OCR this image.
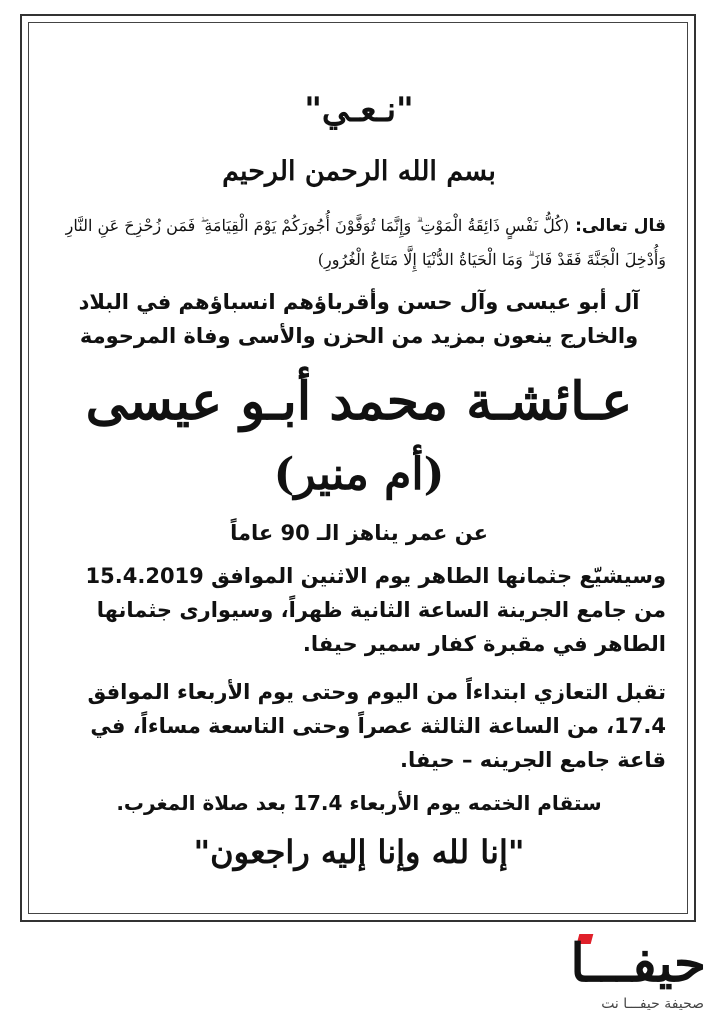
"نـعـي"
بسم الله الرحمن الرحيم
قال تعالى: (كُلُّ نَفْسٍ ذَائِقَةُ الْمَوْتِ ۗ وَإِنَّمَا تُوَفَّوْنَ أُجُورَكُمْ يَوْمَ الْقِيَامَةِ ۖ فَمَن زُحْزِحَ عَنِ النَّارِ وَأُدْخِلَ الْجَنَّةَ فَقَدْ فَازَ ۗ وَمَا الْحَيَاةُ الدُّنْيَا إِلَّا مَتَاعُ الْغُرُورِ)
آل أبو عيسى وآل حسن وأقرباؤهم انسباؤهم في البلاد
والخارج ينعون بمزيد من الحزن والأسى وفاة المرحومة
عـائشـة محمد أبـو عيسى
(أم منير)
عن عمر يناهز الـ 90 عاماً
وسيشيّع جثمانها الطاهر يوم الاثنين الموافق 15.4.2019 من جامع الجرينة الساعة الثانية ظهراً، وسيوارى جثمانها الطاهر في مقبرة كفار سمير حيفا.
تقبل التعازي ابتداءاً من اليوم وحتى يوم الأربعاء الموافق 17.4، من الساعة الثالثة عصراً وحتى التاسعة مساءاً، في قاعة جامع الجرينه – حيفا.
ستقام الختمه يوم الأربعاء 17.4 بعد صلاة المغرب.
"إنا لله وإنا إليه راجعون"
حيفـــا
صحيفة حيفـــا نت
